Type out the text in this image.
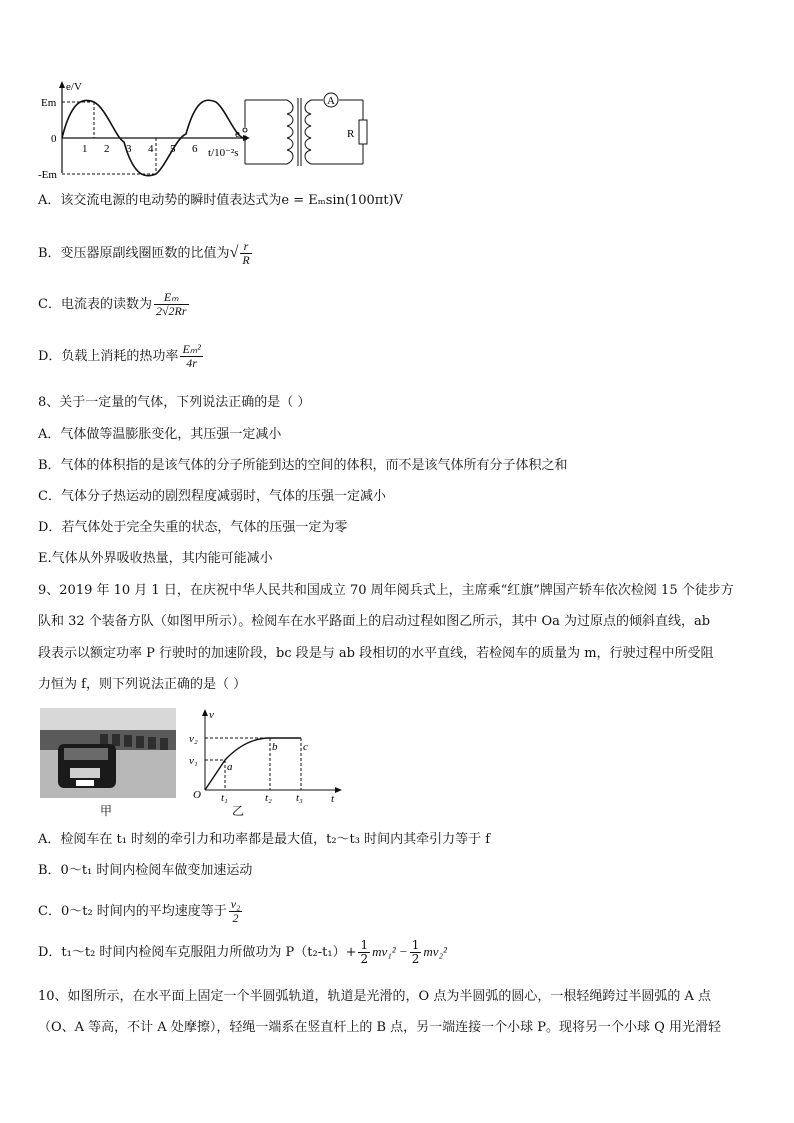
e/V
Em
-Em
0
1 2 3 4 5 6 t/10⁻²s
e
A
R
A．该交流电源的电动势的瞬时值表达式为e = Eₘsin(100πt)V
B．变压器原副线圈匝数的比值为√ $\frac{r}{R}$
C．电流表的读数为 $\frac{\text{Eₘ}}{2√2Rr}$
D．负载上消耗的热功率 $\frac{\text{Eₘ²}}{4r}$
8、关于一定量的气体，下列说法正确的是（ ）
A．气体做等温膨胀变化，其压强一定减小
B．气体的体积指的是该气体的分子所能到达的空间的体积，而不是该气体所有分子体积之和
C．气体分子热运动的剧烈程度减弱时，气体的压强一定减小
D．若气体处于完全失重的状态，气体的压强一定为零
E.气体从外界吸收热量，其内能可能减小
9、2019 年 10 月 1 日，在庆祝中华人民共和国成立 70 周年阅兵式上，主席乘“红旗”牌国产轿车依次检阅 15 个徒步方
队和 32 个装备方队（如图甲所示）。检阅车在水平路面上的启动过程如图乙所示，其中 Oa 为过原点的倾斜直线，ab
段表示以额定功率 P 行驶时的加速阶段，bc 段是与 ab 段相切的水平直线，若检阅车的质量为 m，行驶过程中所受阻
力恒为 f，则下列说法正确的是（ ）
甲
v
t
O
v₂
v₁
t₁	t₂ t₃
a
b c
乙
A．检阅车在 t₁ 时刻的牵引力和功率都是最大值，t₂～t₃ 时间内其牵引力等于 f
B．0～t₁ 时间内检阅车做变加速运动
C．0～t₂ 时间内的平均速度等于 $\frac{\text{v₂}}{2}$
D．t₁～t₂ 时间内检阅车克服阻力所做功为 $P(t_2-t_1)+ \frac{1}{2} mv_1^2 - \frac{1}{2} mv_2^2$
10、如图所示，在水平面上固定一个半圆弧轨道，轨道是光滑的，O 点为半圆弧的圆心，一根轻绳跨过半圆弧的 A 点
（O、A 等高，不计 A 处摩擦），轻绳一端系在竖直杆上的 B 点，另一端连接一个小球 P。现将另一个小球 Q 用光滑轻
